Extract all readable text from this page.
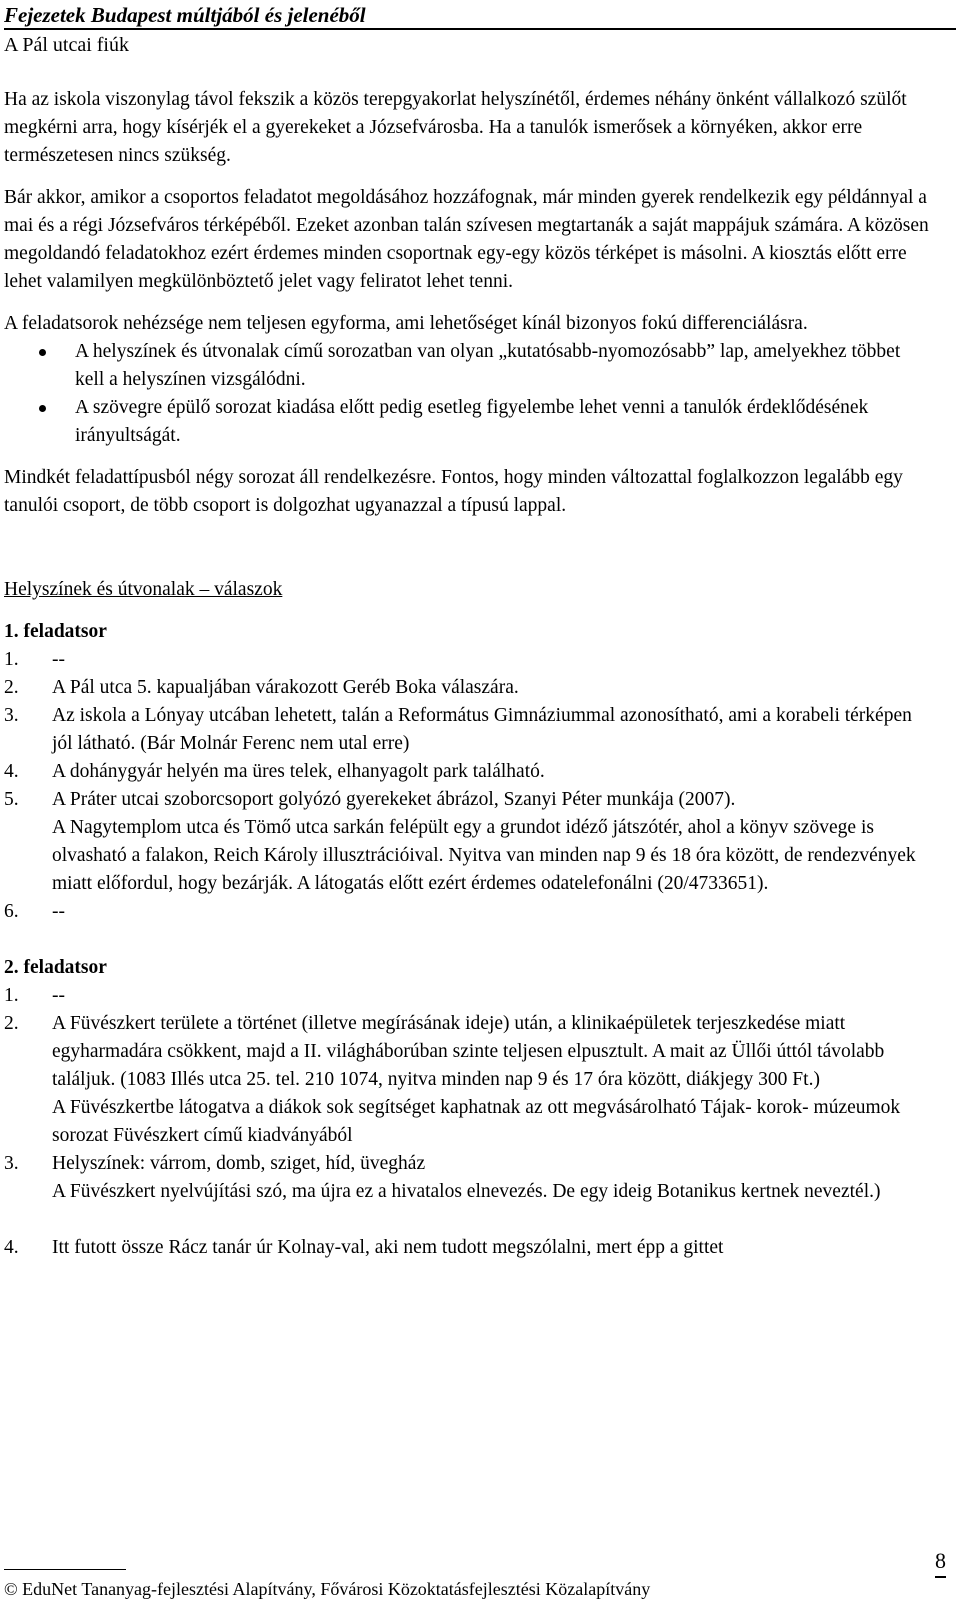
Fejezetek Budapest múltjából és jelenéből
A Pál utcai fiúk

Ha az iskola viszonylag távol fekszik a közös terepgyakorlat helyszínétől, érdemes néhány önként vállalkozó szülőt megkérni arra, hogy kísérjék el a gyerekeket a Józsefvárosba. Ha a tanulók ismerősek a környéken, akkor erre természetesen nincs szükség.

Bár akkor, amikor a csoportos feladatot megoldásához hozzáfognak, már minden gyerek rendelkezik egy példánnyal a mai és a régi Józsefváros térképéből. Ezeket azonban talán szívesen megtartanák a saját mappájuk számára. A közösen megoldandó feladatokhoz ezért érdemes minden csoportnak egy-egy közös térképet is másolni. A kiosztás előtt erre lehet valamilyen megkülönböztető jelet vagy feliratot lehet tenni.

A feladatsorok nehézsége nem teljesen egyforma, ami lehetőséget kínál bizonyos fokú differenciálásra.

A helyszínek és útvonalak című sorozatban van olyan „kutatósabb-nyomozósabb” lap, amelyekhez többet kell a helyszínen vizsgálódni.
A szövegre épülő sorozat kiadása előtt pedig esetleg figyelembe lehet venni a tanulók érdeklődésének irányultságát.

Mindkét feladattípusból négy sorozat áll rendelkezésre. Fontos, hogy minden változattal foglalkozzon legalább egy tanulói csoport, de több csoport is dolgozhat ugyanazzal a típusú lappal.

Helyszínek és útvonalak – válaszok
1. feladatsor
1. --
2. A Pál utca 5. kapualjában várakozott Geréb Boka válaszára.
3. Az iskola a Lónyay utcában lehetett, talán a Református Gimnáziummal azonosítható, ami a korabeli térképen jól látható. (Bár Molnár Ferenc nem utal erre)
4. A dohánygyár helyén ma üres telek, elhanyagolt park található.
5. A Práter utcai szoborcsoport golyózó gyerekeket ábrázol, Szanyi Péter munkája (2007).
A Nagytemplom utca és Tömő utca sarkán felépült egy a grundot idéző játszótér, ahol a könyv szövege is olvasható a falakon, Reich Károly illusztrációival. Nyitva van minden nap 9 és 18 óra között, de rendezvények miatt előfordul, hogy bezárják. A látogatás előtt ezért érdemes odatelefonálni (20/4733651).
6. --
2. feladatsor
1. --
2. A Füvészkert területe a történet (illetve megírásának ideje) után, a klinikaépületek terjeszkedése miatt egyharmadára csökkent, majd a II. világháborúban szinte teljesen elpusztult. A mait az Üllői úttól távolabb találjuk. (1083 Illés utca 25. tel. 210 1074, nyitva minden nap 9 és 17 óra között, diákjegy 300 Ft.)
A Füvészkertbe látogatva a diákok sok segítséget kaphatnak az ott megvásárolható Tájak- korok- múzeumok sorozat Füvészkert című kiadványából
3. Helyszínek: várrom, domb, sziget, híd, üvegház
A Füvészkert nyelvújítási szó, ma újra ez a hivatalos elnevezés. De egy ideig Botanikus kertnek neveztél.)
4. Itt futott össze Rácz tanár úr Kolnay-val, aki nem tudott megszólalni, mert épp a gittet
© EduNet Tananyag-fejlesztési Alapítvány, Fővárosi Közoktatásfejlesztési Közalapítvány
8
